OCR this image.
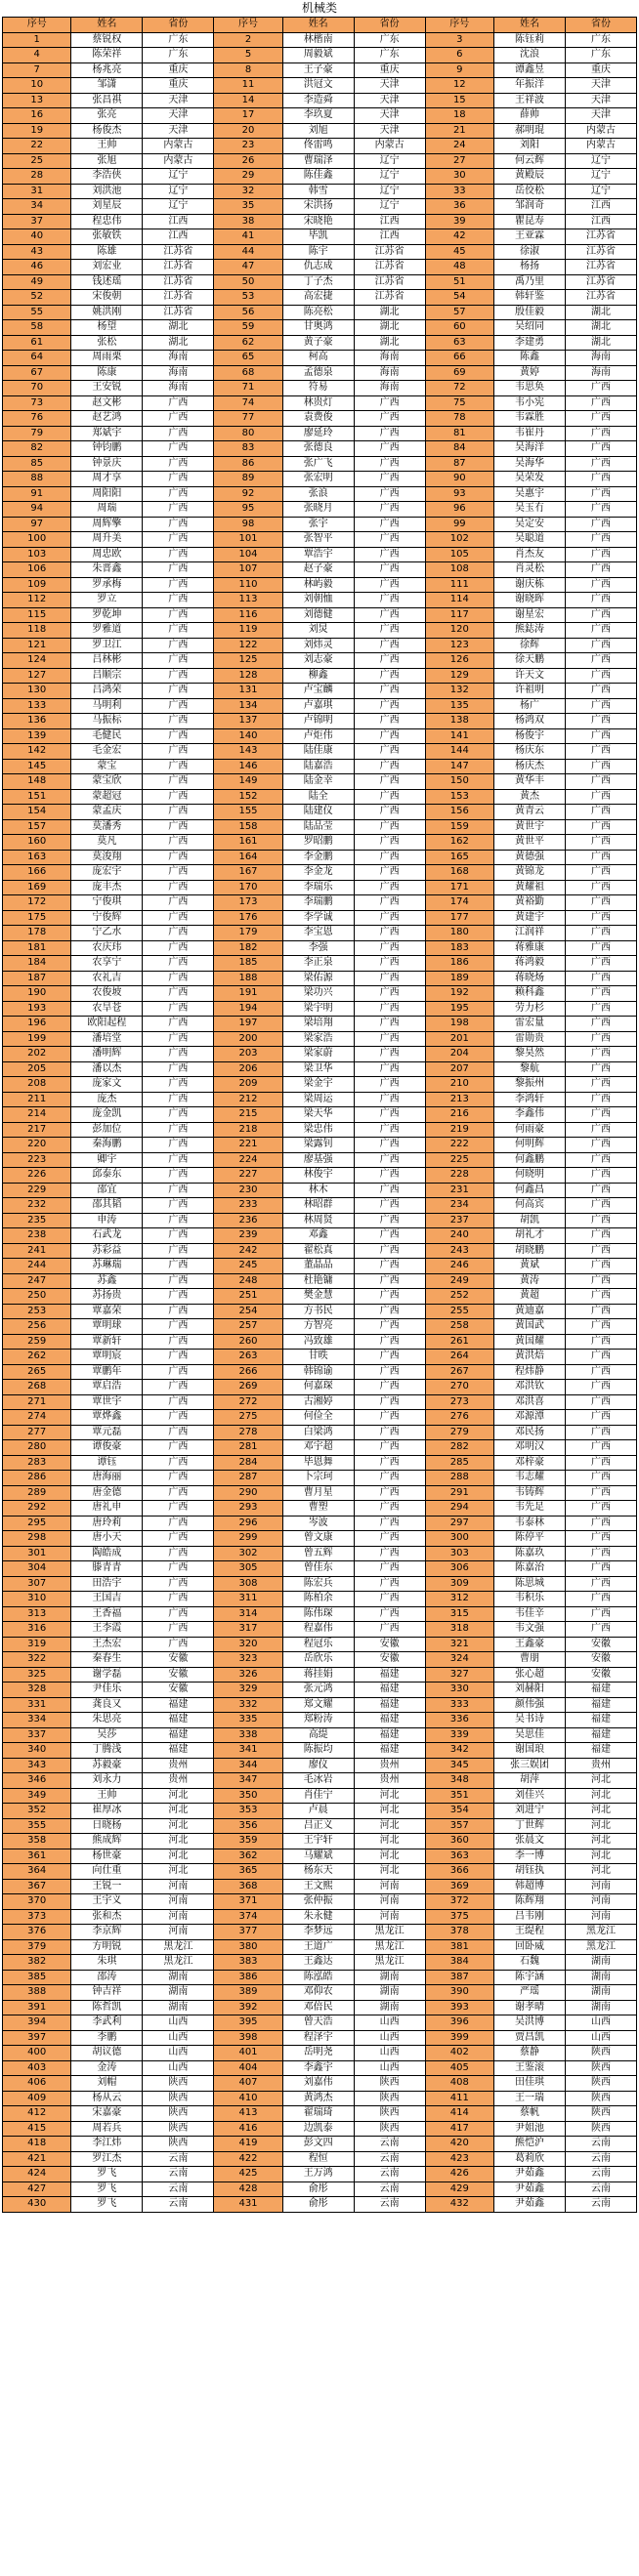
机械类
序号	姓名	省份	序号	姓名	省份	序号	姓名	省份
1	蔡锐权	广东	2	林楷南	广东	3	陈钰莉	广东
4	陈荣祥	广东	5	周毅斌	广东	6	沈浪	广东
7	杨兆亮	重庆	8	王子豪	重庆	9	谭鑫昱	重庆
10	邹潇	重庆	11	洪冠文	天津	12	年振洋	天津
13	张昌祺	天津	14	李造舜	天津	15	王祥波	天津
16	张亮	天津	17	李玖夏	天津	18	薛帅	天津
19	杨俊杰	天津	20	刘旭	天津	21	郝明琨	内蒙古
22	王帅	内蒙古	23	佟雷鸣	内蒙古	24	刘阳	内蒙古
25	张旭	内蒙古	26	曹瑞泽	辽宁	27	何云辉	辽宁
28	李浩侠	辽宁	29	陈佳鑫	辽宁	30	黄殿辰	辽宁
31	刘洪池	辽宁	32	韩雪	辽宁	33	岳佼松	辽宁
34	刘星辰	辽宁	35	宋洪扬	辽宁	36	邹润奇	江西
37	程忠伟	江西	38	宋晓艳	江西	39	瞿昆寿	江西
40	张敏铁	江西	41	毕凯	江西	42	王亚霖	江苏省
43	陈雄	江苏省	44	陈宇	江苏省	45	徐淑	江苏省
46	刘宏业	江苏省	47	仇志成	江苏省	48	杨扬	江苏省
49	钱述瑶	江苏省	50	丁子杰	江苏省	51	禹乃里	江苏省
52	宋俊朝	江苏省	53	高宏捷	江苏省	54	韩轩鉴	江苏省
55	姚洪刚	江苏省	56	陈亮松	湖北	57	殷佳毅	湖北
58	杨望	湖北	59	甘奥鸿	湖北	60	吴绍同	湖北
61	张松	湖北	62	黄子豪	湖北	63	李建勇	湖北
64	周雨栗	海南	65	柯高	海南	66	陈鑫	海南
67	陈康	海南	68	孟德泉	海南	69	黄婷	海南
70	王安锐	海南	71	符易	海南	72	韦思奂	广西
73	赵文彬	广西	74	林贵灯	广西	75	韦小宪	广西
76	赵艺鸿	广西	77	袁费俊	广西	78	韦霖胜	广西
79	郑斌宇	广西	80	廖延玲	广西	81	韦崔丹	广西
82	钟钧鹏	广西	83	张德良	广西	84	吴海洋	广西
85	钟景庆	广西	86	张广飞	广西	87	吴海华	广西
88	周才享	广西	89	张宏明	广西	90	吴荣发	广西
91	周阳阳	广西	92	张浪	广西	93	吴惠宇	广西
94	周瑞	广西	95	张晓月	广西	96	吴玉冇	广西
97	周辉擎	广西	98	张宇	广西	99	吴定安	广西
100	周升美	广西	101	张智平	广西	102	吴聪道	广西
103	周忠欧	广西	104	覃浩宇	广西	105	肖杰友	广西
106	朱晋鑫	广西	107	赵子豪	广西	108	肖灵松	广西
109	罗承梅	广西	110	林屿毅	广西	111	谢庆栋	广西
112	罗立	广西	113	刘朝恤	广西	114	谢晓晖	广西
115	罗乾坤	广西	116	刘德健	广西	117	谢星宏	广西
118	罗雅道	广西	119	刘炅	广西	120	熊鋕涛	广西
121	罗卫江	广西	122	刘炜灵	广西	123	徐辉	广西
124	吕林彬	广西	125	刘志豪	广西	126	徐天鹏	广西
127	吕顺宗	广西	128	柳鑫	广西	129	许天文	广西
130	吕鸿荣	广西	131	卢宝麟	广西	132	许祖明	广西
133	马明利	广西	134	卢嘉琪	广西	135	杨广	广西
136	马振标	广西	137	卢锦明	广西	138	杨鸿双	广西
139	毛健民	广西	140	卢炬伟	广西	141	杨俊宇	广西
142	毛金宏	广西	143	陆佳康	广西	144	杨庆东	广西
145	蒙宝	广西	146	陆嘉浩	广西	147	杨庆杰	广西
148	蒙宝欣	广西	149	陆金幸	广西	150	黄华丰	广西
151	蒙超冠	广西	152	陆全	广西	153	黄杰	广西
154	蒙孟庆	广西	155	陆建仪	广西	156	黄青云	广西
157	莫潘秀	广西	158	陆品莹	广西	159	黄世宇	广西
160	莫凡	广西	161	罗昭鹏	广西	162	黄世平	广西
163	莫浚翔	广西	164	李金鹏	广西	165	黄德强	广西
166	庞宏宇	广西	167	李金龙	广西	168	黄锦龙	广西
169	庞丰杰	广西	170	李瑞乐	广西	171	黄耀祖	广西
172	宁俊琪	广西	173	李瑞鹏	广西	174	黄裕勤	广西
175	宁俊辉	广西	176	李学诚	广西	177	黄建宇	广西
178	宁乙水	广西	179	李宝恩	广西	180	江润祥	广西
181	农庆玮	广西	182	李强	广西	183	蒋雅康	广西
184	农享宁	广西	185	李正泉	广西	186	蒋鸿毅	广西
187	农礼吉	广西	188	梁佑源	广西	189	蒋晓炀	广西
190	农俊坡	广西	191	梁功兴	广西	192	赖科鑫	广西
193	农旱苍	广西	194	梁宇明	广西	195	劳力杉	广西
196	欧阳起程	广西	197	梁培翔	广西	198	雷宏量	广西
199	潘培堂	广西	200	梁家浩	广西	201	雷勋贵	广西
202	潘明辉	广西	203	梁家蔚	广西	204	黎昊然	广西
205	潘以杰	广西	206	梁卫华	广西	207	黎航	广西
208	庞家文	广西	209	梁金宇	广西	210	黎振州	广西
211	庞杰	广西	212	梁周运	广西	213	李鸿轩	广西
214	庞金凯	广西	215	梁天华	广西	216	李鑫伟	广西
217	彭加位	广西	218	梁忠伟	广西	219	何雨豪	广西
220	秦海鹏	广西	221	梁露钊	广西	222	何明辉	广西
223	卿宇	广西	224	廖基强	广西	225	何鑫鹏	广西
226	邱泰东	广西	227	林俊宇	广西	228	何晓明	广西
229	邵宜	广西	230	林木	广西	231	何鑫昌	广西
232	邵其韬	广西	233	林昭群	广西	234	何高宾	广西
235	申涛	广西	236	林周贤	广西	237	胡凯	广西
238	石武龙	广西	239	邓鑫	广西	240	胡礼才	广西
241	苏彩益	广西	242	翟松真	广西	243	胡晓鹏	广西
244	苏琳瑞	广西	245	董晶品	广西	246	黄斌	广西
247	苏鑫	广西	248	杜艳镛	广西	249	黄涛	广西
250	苏扬贵	广西	251	樊金慧	广西	252	黄超	广西
253	覃嘉荣	广西	254	方书民	广西	255	黄迪嘉	广西
256	覃明球	广西	257	方智亮	广西	258	黄国武	广西
259	覃新轩	广西	260	冯致雄	广西	261	黄国耀	广西
262	覃明宸	广西	263	甘昳	广西	264	黄洪焙	广西
265	覃鹏年	广西	266	韩锦谕	广西	267	程炜静	广西
268	覃启浩	广西	269	何嘉琛	广西	270	邓洪钦	广西
271	覃世宇	广西	272	古湘婷	广西	273	邓洪喜	广西
274	覃烨鑫	广西	275	何俭全	广西	276	邓源潭	广西
277	覃元磊	广西	278	白梁鸿	广西	279	邓民扬	广西
280	谭俊豪	广西	281	邓宇超	广西	282	邓明汉	广西
283	谭钰	广西	284	毕恩舞	广西	285	邓梓豪	广西
286	唐海丽	广西	287	卜宗珂	广西	288	韦志耀	广西
289	唐金德	广西	290	曹月星	广西	291	韦铸辉	广西
292	唐礼申	广西	293	曹塑	广西	294	韦先足	广西
295	唐玲莉	广西	296	岑波	广西	297	韦泰林	广西
298	唐小天	广西	299	曾文康	广西	300	陈停平	广西
301	陶皓成	广西	302	曾五辉	广西	303	陈嘉玖	广西
304	滕青青	广西	305	曾佳东	广西	306	陈嘉治	广西
307	田浩宇	广西	308	陈宏兵	广西	309	陈思城	广西
310	王国吉	广西	311	陈柏余	广西	312	韦积乐	广西
313	王香福	广西	314	陈伟琛	广西	315	韦佳辛	广西
316	王李霞	广西	317	程嘉伟	广西	318	韦文强	广西
319	王杰宏	广西	320	程冠乐	安徽	321	王鑫豪	安徽
322	秦春生	安徽	323	岳欣乐	安徽	324	曹朋	安徽
325	谢学磊	安徽	326	蒋挂娟	福建	327	张心超	安徽
328	尹佳乐	安徽	329	张元鸿	福建	330	刘赫阳	福建
331	龚良又	福建	332	郑文耀	福建	333	颜伟强	福建
334	朱思亮	福建	335	郑粉涛	福建	336	吴书诗	福建
337	吴莎	福建	338	高缇	福建	339	吴思佳	福建
340	丁腾浅	福建	341	陈振均	福建	342	谢国琅	福建
343	苏毅豪	贵州	344	廖仪	贵州	345	张三娱团	贵州
346	刘永力	贵州	347	毛冰岩	贵州	348	胡萍	河北
349	王帅	河北	350	肖佳宁	河北	351	刘佳兴	河北
352	崔厚冰	河北	353	卢晨	河北	354	刘进宁	河北
355	日晓杨	河北	356	吕正义	河北	357	丁世辉	河北
358	熊成辉	河北	359	王宇轩	河北	360	张晨文	河北
361	杨世豪	河北	362	马耀斌	河北	363	李一博	河北
364	向仕重	河北	365	杨东天	河北	366	胡钰执	河北
367	王锐一	河南	368	王文熙	河南	369	韩超博	河南
370	王宇义	河南	371	张仲振	河南	372	陈辉翔	河南
373	张和杰	河南	374	朱永健	河南	375	吕韦刚	河南
376	李京辉	河南	377	李梦远	黑龙江	378	王缇程	黑龙江
379	方明锐	黑龙江	380	王道广	黑龙江	381	回卧威	黑龙江
382	朱琪	黑龙江	383	王鑫达	黑龙江	384	石魏	湖南
385	邵涛	湖南	386	陈泓皓	湖南	387	陈宇涵	湖南
388	钟吉祥	湖南	389	邓仰农	湖南	390	严瑶	湖南
391	陈哲凯	湖南	392	邓倍民	湖南	393	谢孝晴	湖南
394	李武利	山西	395	曾天浩	山西	396	吴洪博	山西
397	李鹏	山西	398	程泽宇	山西	399	贾昌凯	山西
400	胡议德	山西	401	岳明尧	山西	402	蔡静	陕西
403	金涛	山西	404	李鑫宇	山西	405	王鉴滚	陕西
406	刘帽	陕西	407	刘嘉伟	陕西	408	田佳琪	陕西
409	杨从云	陕西	410	黄鸿杰	陕西	411	王一瑞	陕西
412	宋嘉豪	陕西	413	翟瑞琦	陕西	414	蔡帆	陕西
415	周若兵	陕西	416	边凯泰	陕西	417	尹姐池	陕西
418	李江炜	陕西	419	彭文四	云南	420	熊恺沪	云南
421	罗江杰	云南	422	程恒	云南	423	葛莉欣	云南
424	罗飞	云南	425	王万鸿	云南	426	尹茹鑫	云南
427	罗飞	云南	428	俞彤	云南	429	尹茹鑫	云南
430	罗飞	云南	431	俞彤	云南	432	尹茹鑫	云南
